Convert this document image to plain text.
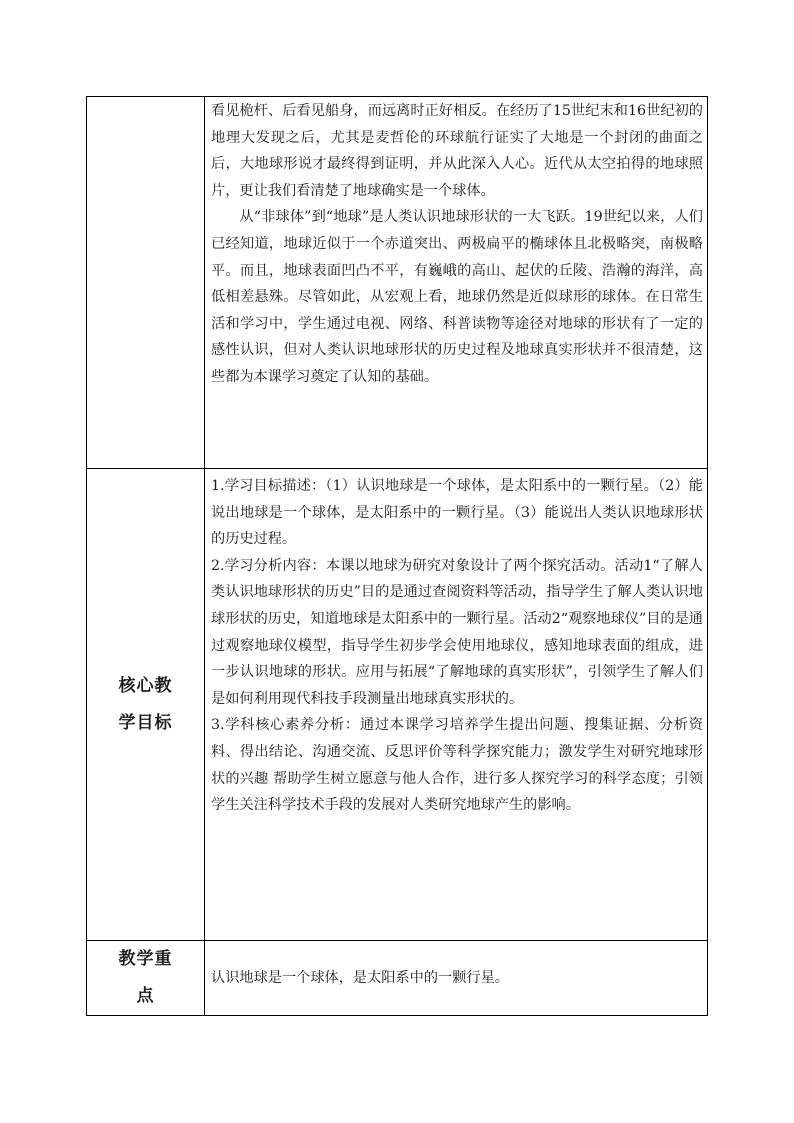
	看见桅杆、后看见船身，而远离时正好相反。在经历了15世纪末和16世纪初的地理大发现之后，尤其是麦哲伦的环球航行证实了大地是一个封闭的曲面之后，大地球形说才最终得到证明，并从此深入人心。近代从太空拍得的地球照片，更让我们看清楚了地球确实是一个球体。

从“非球体”到“地球”是人类认识地球形状的一大飞跃。19世纪以来，人们已经知道，地球近似于一个赤道突出、两极扁平的椭球体且北极略突，南极略平。而且，地球表面凹凸不平，有巍峨的高山、起伏的丘陵、浩瀚的海洋，高低相差悬殊。尽管如此，从宏观上看，地球仍然是近似球形的球体。在日常生活和学习中，学生通过电视、网络、科普读物等途径对地球的形状有了一定的感性认识，但对人类认识地球形状的历史过程及地球真实形状并不很清楚，这些都为本课学习奠定了认知的基础。

核心教学目标	1.学习目标描述：（1）认识地球是一个球体，是太阳系中的一颗行星。（2）能说出地球是一个球体，是太阳系中的一颗行星。（3）能说出人类认识地球形状的历史过程。

2.学习分析内容：本课以地球为研究对象设计了两个探究活动。活动1“了解人类认识地球形状的历史”目的是通过查阅资料等活动，指导学生了解人类认识地球形状的历史，知道地球是太阳系中的一颗行星。活动2“观察地球仪”目的是通过观察地球仪模型，指导学生初步学会使用地球仪，感知地球表面的组成，进一步认识地球的形状。应用与拓展“了解地球的真实形状”，引领学生了解人们是如何利用现代科技手段测量出地球真实形状的。

3.学科核心素养分析：通过本课学习培养学生提出问题、搜集证据、分析资料、得出结论、沟通交流、反思评价等科学探究能力；激发学生对研究地球形状的兴趣 帮助学生树立愿意与他人合作，进行多人探究学习的科学态度；引领学生关注科学技术手段的发展对人类研究地球产生的影响。

教学重点	认识地球是一个球体，是太阳系中的一颗行星。
